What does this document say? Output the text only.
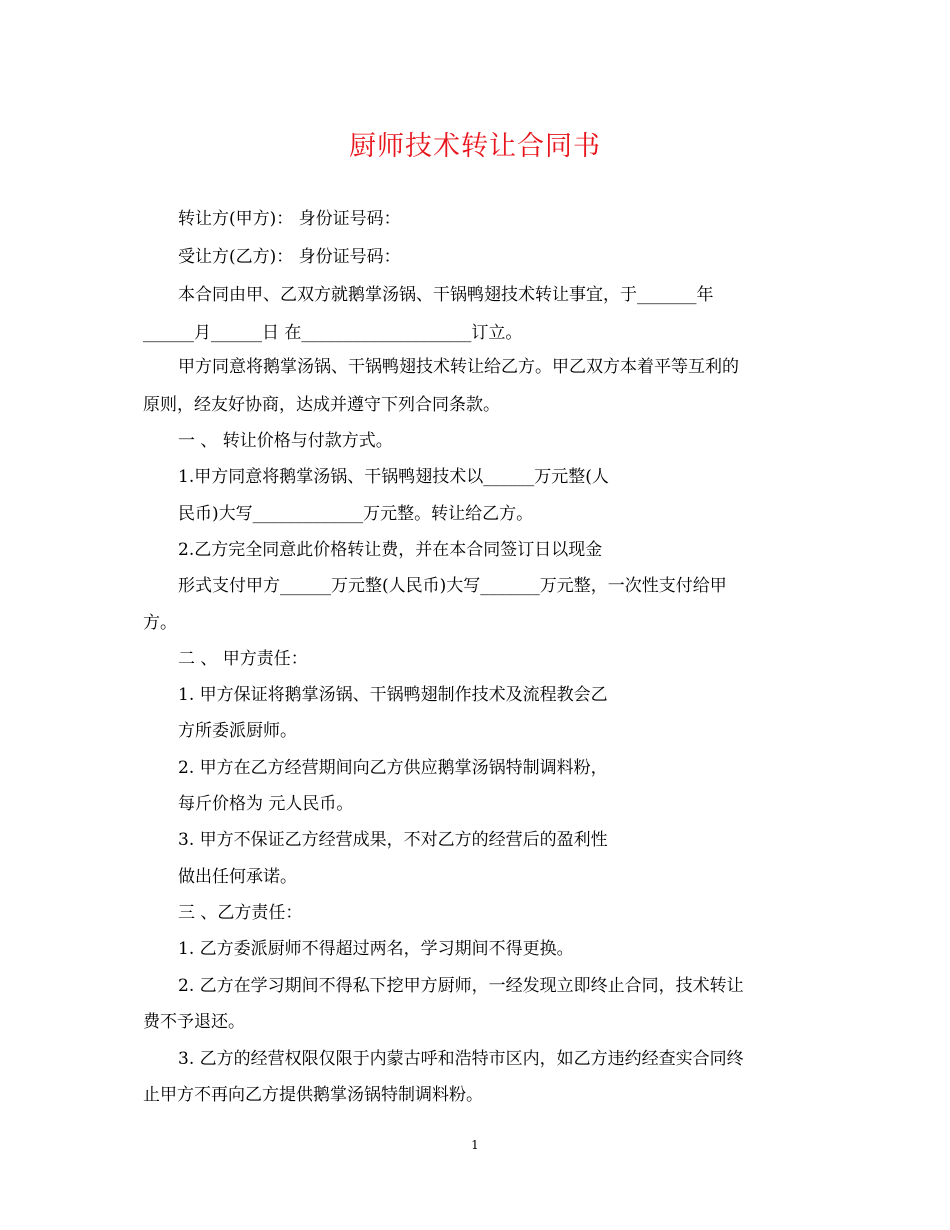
厨师技术转让合同书
转让方(甲方)： 身份证号码：
受让方(乙方)： 身份证号码：
本合同由甲、乙双方就鹅掌汤锅、干锅鸭翅技术转让事宜，于_______年
______月______日 在____________________订立。
甲方同意将鹅掌汤锅、干锅鸭翅技术转让给乙方。甲乙双方本着平等互利的
原则，经友好协商，达成并遵守下列合同条款。
一 、 转让价格与付款方式。
1.甲方同意将鹅掌汤锅、干锅鸭翅技术以______万元整(人
民币)大写_____________万元整。转让给乙方。
2.乙方完全同意此价格转让费，并在本合同签订日以现金
形式支付甲方______万元整(人民币)大写_______万元整，一次性支付给甲
方。
二 、 甲方责任：
1. 甲方保证将鹅掌汤锅、干锅鸭翅制作技术及流程教会乙
方所委派厨师。
2. 甲方在乙方经营期间向乙方供应鹅掌汤锅特制调料粉，
每斤价格为 元人民币。
3. 甲方不保证乙方经营成果，不对乙方的经营后的盈利性
做出任何承诺。
三 、乙方责任：
1. 乙方委派厨师不得超过两名，学习期间不得更换。
2. 乙方在学习期间不得私下挖甲方厨师，一经发现立即终止合同，技术转让
费不予退还。
3. 乙方的经营权限仅限于内蒙古呼和浩特市区内，如乙方违约经查实合同终
止甲方不再向乙方提供鹅掌汤锅特制调料粉。
1
